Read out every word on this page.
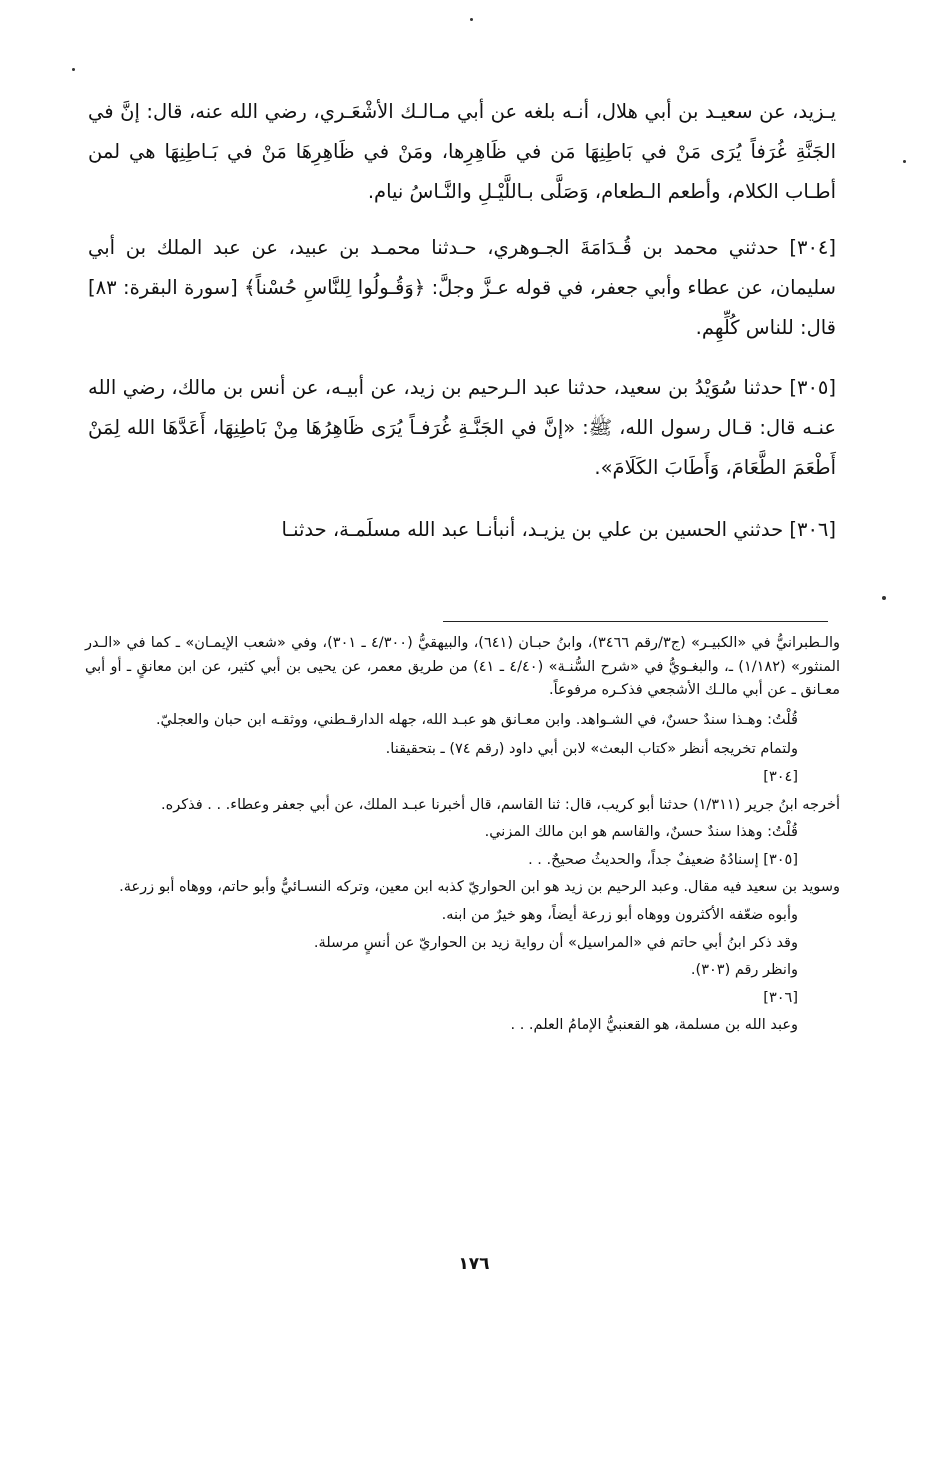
يـزيد، عن سعيـد بن أبي هلال، أنـه بلغه عن أبي مـالـك الأشْعَـري، رضي الله عنه، قال: إنَّ في الجَنَّةِ غُرَفاً يُرَى مَنْ في بَاطِنِهَا مَن في ظَاهِرِها، ومَنْ في ظَاهِرِهَا مَنْ في بَـاطِنِهَا هي لمن أطـاب الكلام، وأطعم الـطعام، وَصَلَّى بـاللَّيْـلِ والنَّـاسُ نيام.

[٣٠٤] حدثني محمد بن قُـدَامَةَ الجـوهري، حـدثنا محمـد بن عبيد، عن عبد الملك بن أبي سليمان، عن عطاء وأبي جعفر، في قوله عـزَّ وجلَّ: ﴿وَقُـولُوا لِلنَّاسِ حُسْناً﴾ [سورة البقرة: ٨٣] قال: للناس كُلِّهِم.

[٣٠٥] حدثنا سُوَيْدُ بن سعيد، حدثنا عبد الـرحيم بن زيد، عن أبيـه، عن أنس بن مالك، رضي الله عنـه قال: قـال رسول الله، ﷺ: «إنَّ في الجَنَّـةِ غُرَفـاً يُرَى ظَاهِرُهَا مِنْ بَاطِنِهَا، أَعَدَّهَا الله لِمَنْ أَطْعَمَ الطَّعَامَ، وَأَطَابَ الكَلَامَ».

[٣٠٦] حدثني الحسين بن علي بن يزيـد، أنبأنـا عبد الله مسلَمـة، حدثنـا

والـطبرانيُّ في «الكبيـر» (ج٣/رقم ٣٤٦٦)، وابنُ حبـان (٦٤١)، والبيهقيُّ (٤/٣٠٠ ـ ٣٠١)، وفي «شعب الإيمـان» ـ كما في «الـدر المنثور» (١/١٨٢) ـ، والبغـويُّ في «شرح السُّنـة» (٤/٤٠ ـ ٤١) من طريق معمر، عن يحيى بن أبي كثير، عن ابن معانقٍ ـ أو أبي معـانق ـ عن أبي مالـك الأشجعي فذكـره مرفوعاً.

قُلْتُ: وهـذا سندٌ حسنٌ، في الشـواهد. وابن معـانق هو عبـد الله، جهله الدارقـطني، ووثقـه ابن حبان والعجليّ.

ولتمام تخريجه أنظر «كتاب البعث» لابن أبي داود (رقم ٧٤) ـ بتحقيقنا.

[٣٠٤]

أخرجه ابنُ جرير (١/٣١١) حدثنا أبو كريب، قال: ثنا القاسم، قال أخبرنا عبـد الملك، عن أبي جعفر وعطاء. . . فذكره.

قُلْتُ: وهذا سندٌ حسنٌ، والقاسم هو ابن مالك المزني.

[٣٠٥] إسنادُهُ ضعيفٌ جداً، والحديثُ صحيحٌ. . .

وسويد بن سعيد فيه مقال. وعبد الرحيم بن زيد هو ابن الحواريّ كذبه ابن معين، وتركه النسـائيُّ وأبو حاتم، ووهاه أبو زرعة.

وأبوه ضعّفه الأكثرون ووهاه أبو زرعة أيضاً، وهو خيرٌ من ابنه.

وقد ذكر ابنُ أبي حاتم في «المراسيل» أن رواية زيد بن الحواريّ عن أنسٍ مرسلة.

وانظر رقم (٣٠٣).

[٣٠٦]

وعبد الله بن مسلمة، هو القعنبيُّ الإمامُ العلم. . .

١٧٦
